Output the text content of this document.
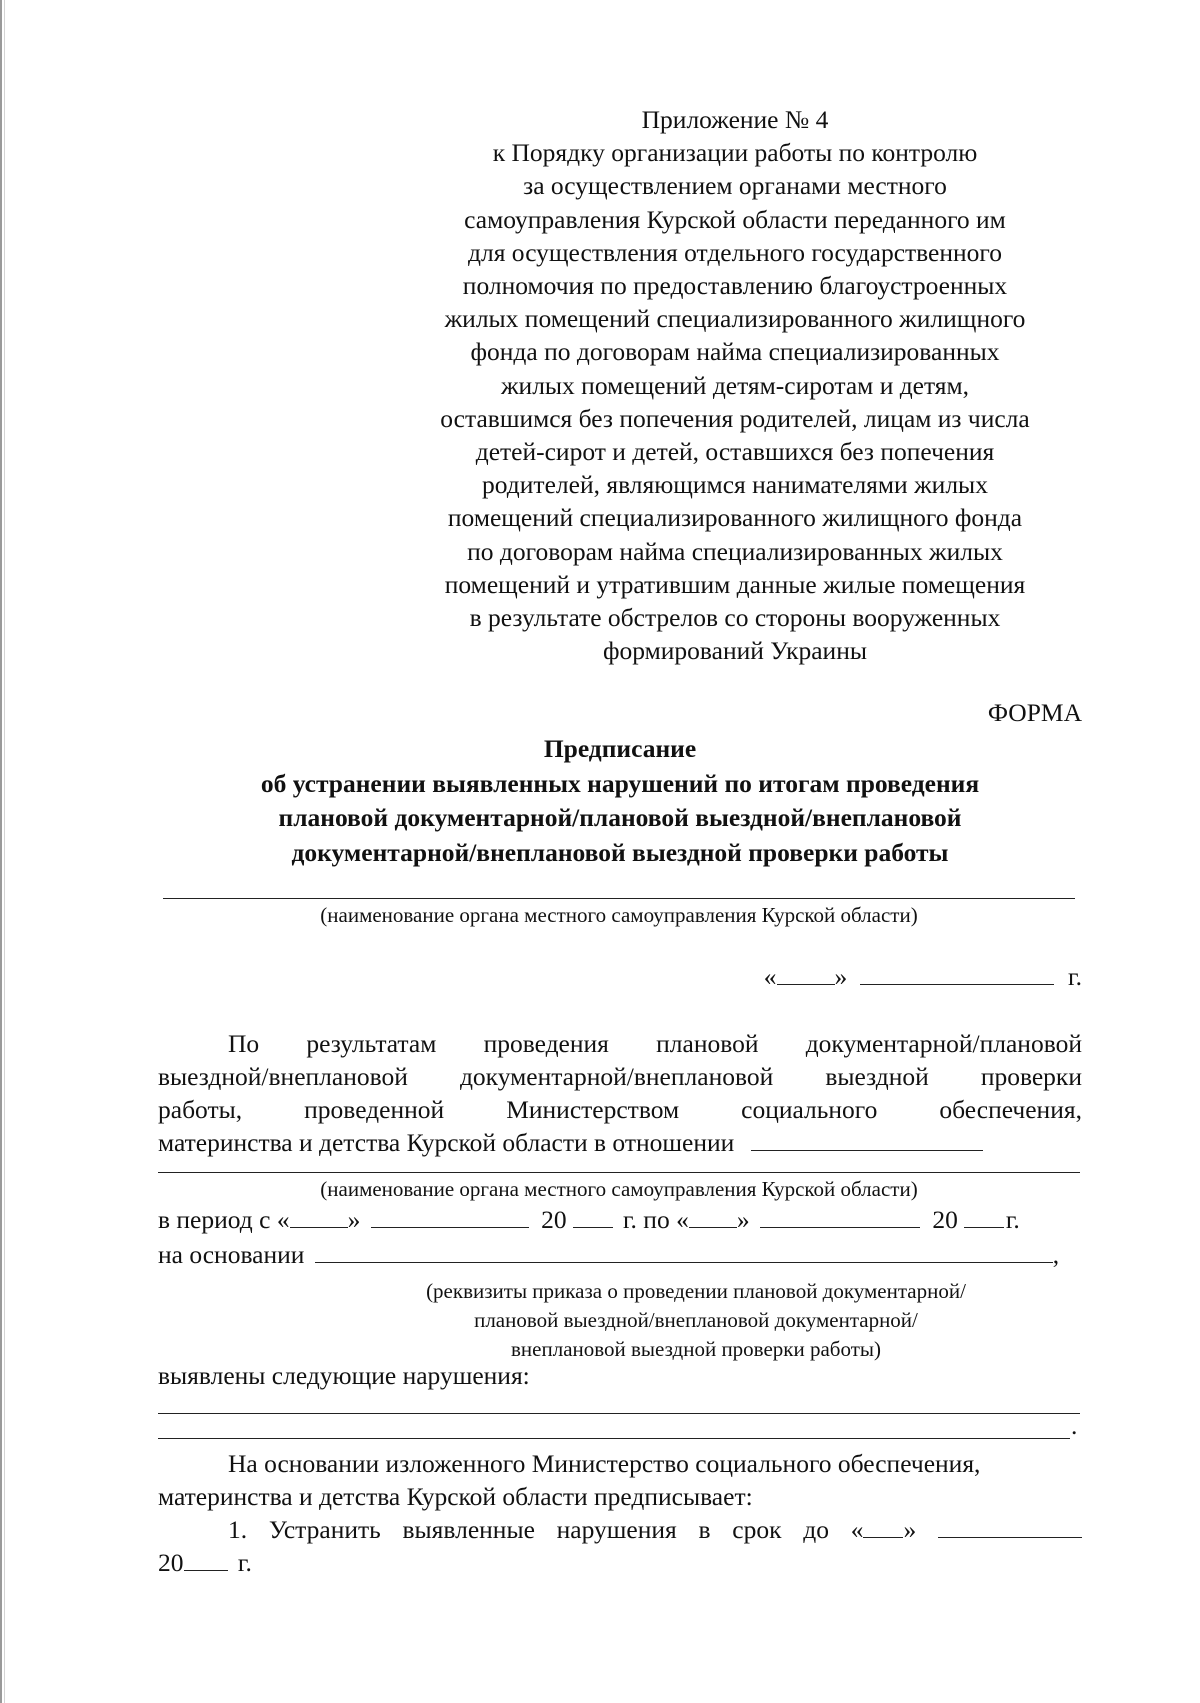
Приложение № 4
к Порядку организации работы по контролю
за осуществлением органами местного
самоуправления Курской области переданного им
для осуществления отдельного государственного
полномочия по предоставлению благоустроенных
жилых помещений специализированного жилищного
фонда по договорам найма специализированных
жилых помещений детям-сиротам и детям,
оставшимся без попечения родителей, лицам из числа
детей-сирот и детей, оставшихся без попечения
родителей, являющимся нанимателями жилых
помещений специализированного жилищного фонда
по договорам найма специализированных жилых
помещений и утратившим данные жилые помещения
в результате обстрелов со стороны вооруженных
формирований Украины
ФОРМА
Предписание
об устранении выявленных нарушений по итогам проведения
плановой документарной/плановой выездной/внеплановой
документарной/внеплановой выездной проверки работы
(наименование органа местного самоуправления Курской области)
« »	г.
По результатам проведения плановой документарной/плановой
выездной/внеплановой документарной/внеплановой выездной проверки
работы, проведенной Министерством социального обеспечения,
материнства и детства Курской области в отношении
(наименование органа местного самоуправления Курской области)
в период с « »	20 г. по « »	20 г.
на основании	,
(реквизиты приказа о проведении плановой документарной/
плановой выездной/внеплановой документарной/
внеплановой выездной проверки работы)
выявлены следующие нарушения:
.
На основании изложенного Министерство социального обеспечения,
материнства и детства Курской области предписывает:
1. Устранить выявленные нарушения в срок до « »
20 г.
